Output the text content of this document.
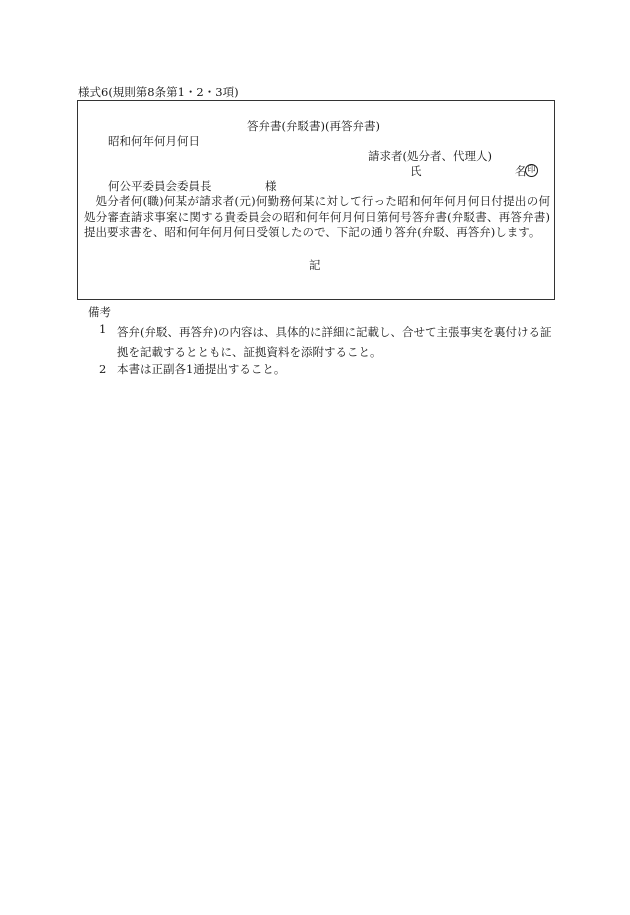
様式6(規則第8条第1・2・3項)
答弁書(弁駁書)(再答弁書)
昭和何年何月何日
請求者(処分者、代理人)
氏	名 印
何公平委員会委員長	様
処分者何(職)何某が請求者(元)何勤務何某に対して行った昭和何年何月何日付提出の何処分審査請求事案に関する貴委員会の昭和何年何月何日第何号答弁書(弁駁書、再答弁書)提出要求書を、昭和何年何月何日受領したので、下記の通り答弁(弁駁、再答弁)します。
記
備考
1 答弁(弁駁、再答弁)の内容は、具体的に詳細に記載し、合せて主張事実を裏付ける証拠を記載するとともに、証拠資料を添附すること。
2 本書は正副各1通提出すること。
